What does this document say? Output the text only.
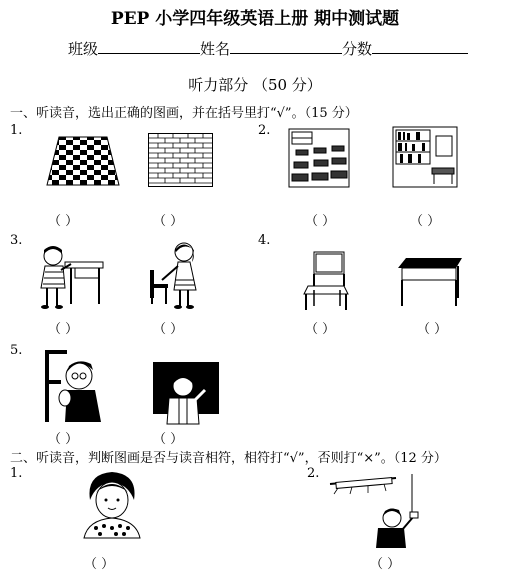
PEP 小学四年级英语上册 期中测试题
班级	姓名	分数
听力部分 （50 分）
一、听读音，选出正确的图画，并在括号里打“√”。（15 分）
1.	2.
3.	4.
5.
（ ）	（ ）	（ ）	（ ）
（ ）	（ ）	（ ）	（ ）
（ ）	（ ）
二、听读音，判断图画是否与读音相符，相符打“√”，否则打“×”。（12 分）
1.	2.
（ ）	（ ）
